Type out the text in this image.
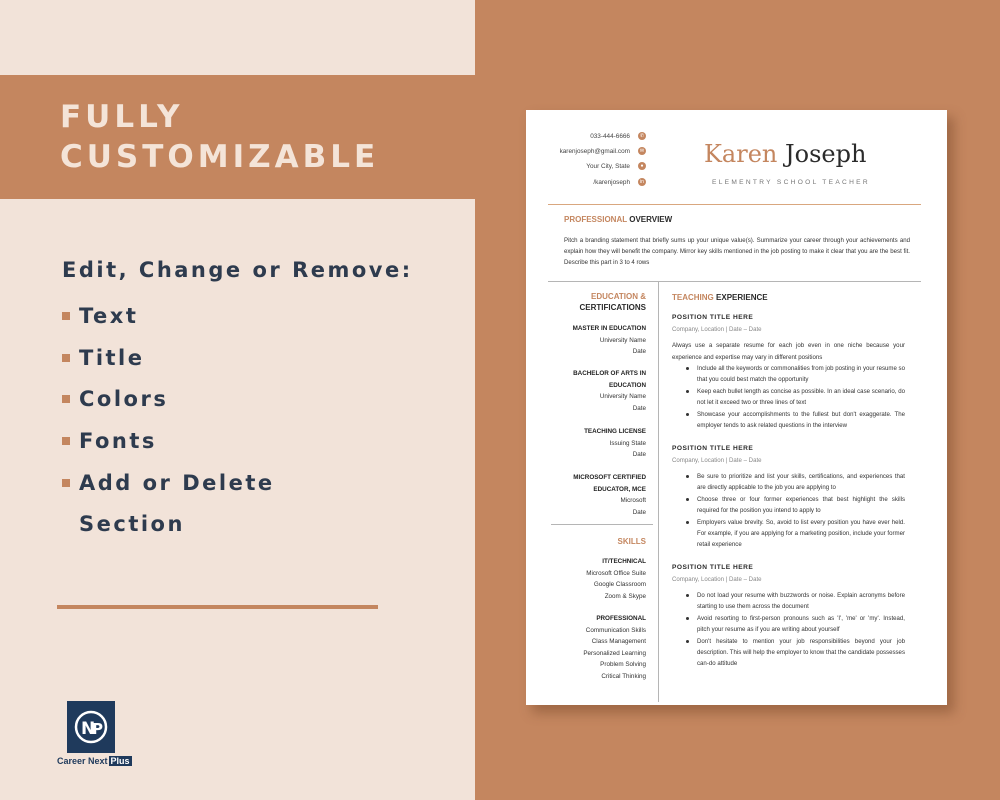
FULLY
CUSTOMIZABLE
Edit, Change or Remove:
Text
Title
Colors
Fonts
Add or Delete
Section
N
P
Career Next Plus
033-444-6666	✆
karenjoseph@gmail.com	✉
Your City, State	●
/karenjoseph	in
Karen Joseph
ELEMENTRY SCHOOL TEACHER
PROFESSIONAL OVERVIEW
Pitch a branding statement that briefly sums up your unique value(s). Summarize your career through your achievements and explain how they will benefit the company. Mirror key skills mentioned in the job posting to make it clear that you are the best fit. Describe this part in 3 to 4 rows
EDUCATION &
CERTIFICATIONS
MASTER IN EDUCATION
University Name
Date
BACHELOR OF ARTS IN
EDUCATION
University Name
Date
TEACHING LICENSE
Issuing State
Date
MICROSOFT CERTIFIED
EDUCATOR, MCE
Microsoft
Date
SKILLS
IT/TECHNICAL
Microsoft Office Suite
Google Classroom
Zoom & Skype
PROFESSIONAL
Communication Skills
Class Management
Personalized Learning
Problem Solving
Critical Thinking
TEACHING EXPERIENCE
POSITION TITLE HERE
Company, Location | Date – Date
Always use a separate resume for each job even in one niche because your experience and expertise may vary in different positions
Include all the keywords or commonalities from job posting in your resume so that you could best match the opportunity
Keep each bullet length as concise as possible. In an ideal case scenario, do not let it exceed two or three lines of text
Showcase your accomplishments to the fullest but don't exaggerate. The employer tends to ask related questions in the interview
POSITION TITLE HERE
Company, Location | Date – Date
Be sure to prioritize and list your skills, certifications, and experiences that are directly applicable to the job you are applying to
Choose three or four former experiences that best highlight the skills required for the position you intend to apply to
Employers value brevity. So, avoid to list every position you have ever held. For example, if you are applying for a marketing position, include your former retail experience
POSITION TITLE HERE
Company, Location | Date – Date
Do not load your resume with buzzwords or noise. Explain acronyms before starting to use them across the document
Avoid resorting to first-person pronouns such as 'I', 'me' or 'my'. Instead, pitch your resume as if you are writing about yourself
Don't hesitate to mention your job responsibilities beyond your job description. This will help the employer to know that the candidate possesses can-do attitude
